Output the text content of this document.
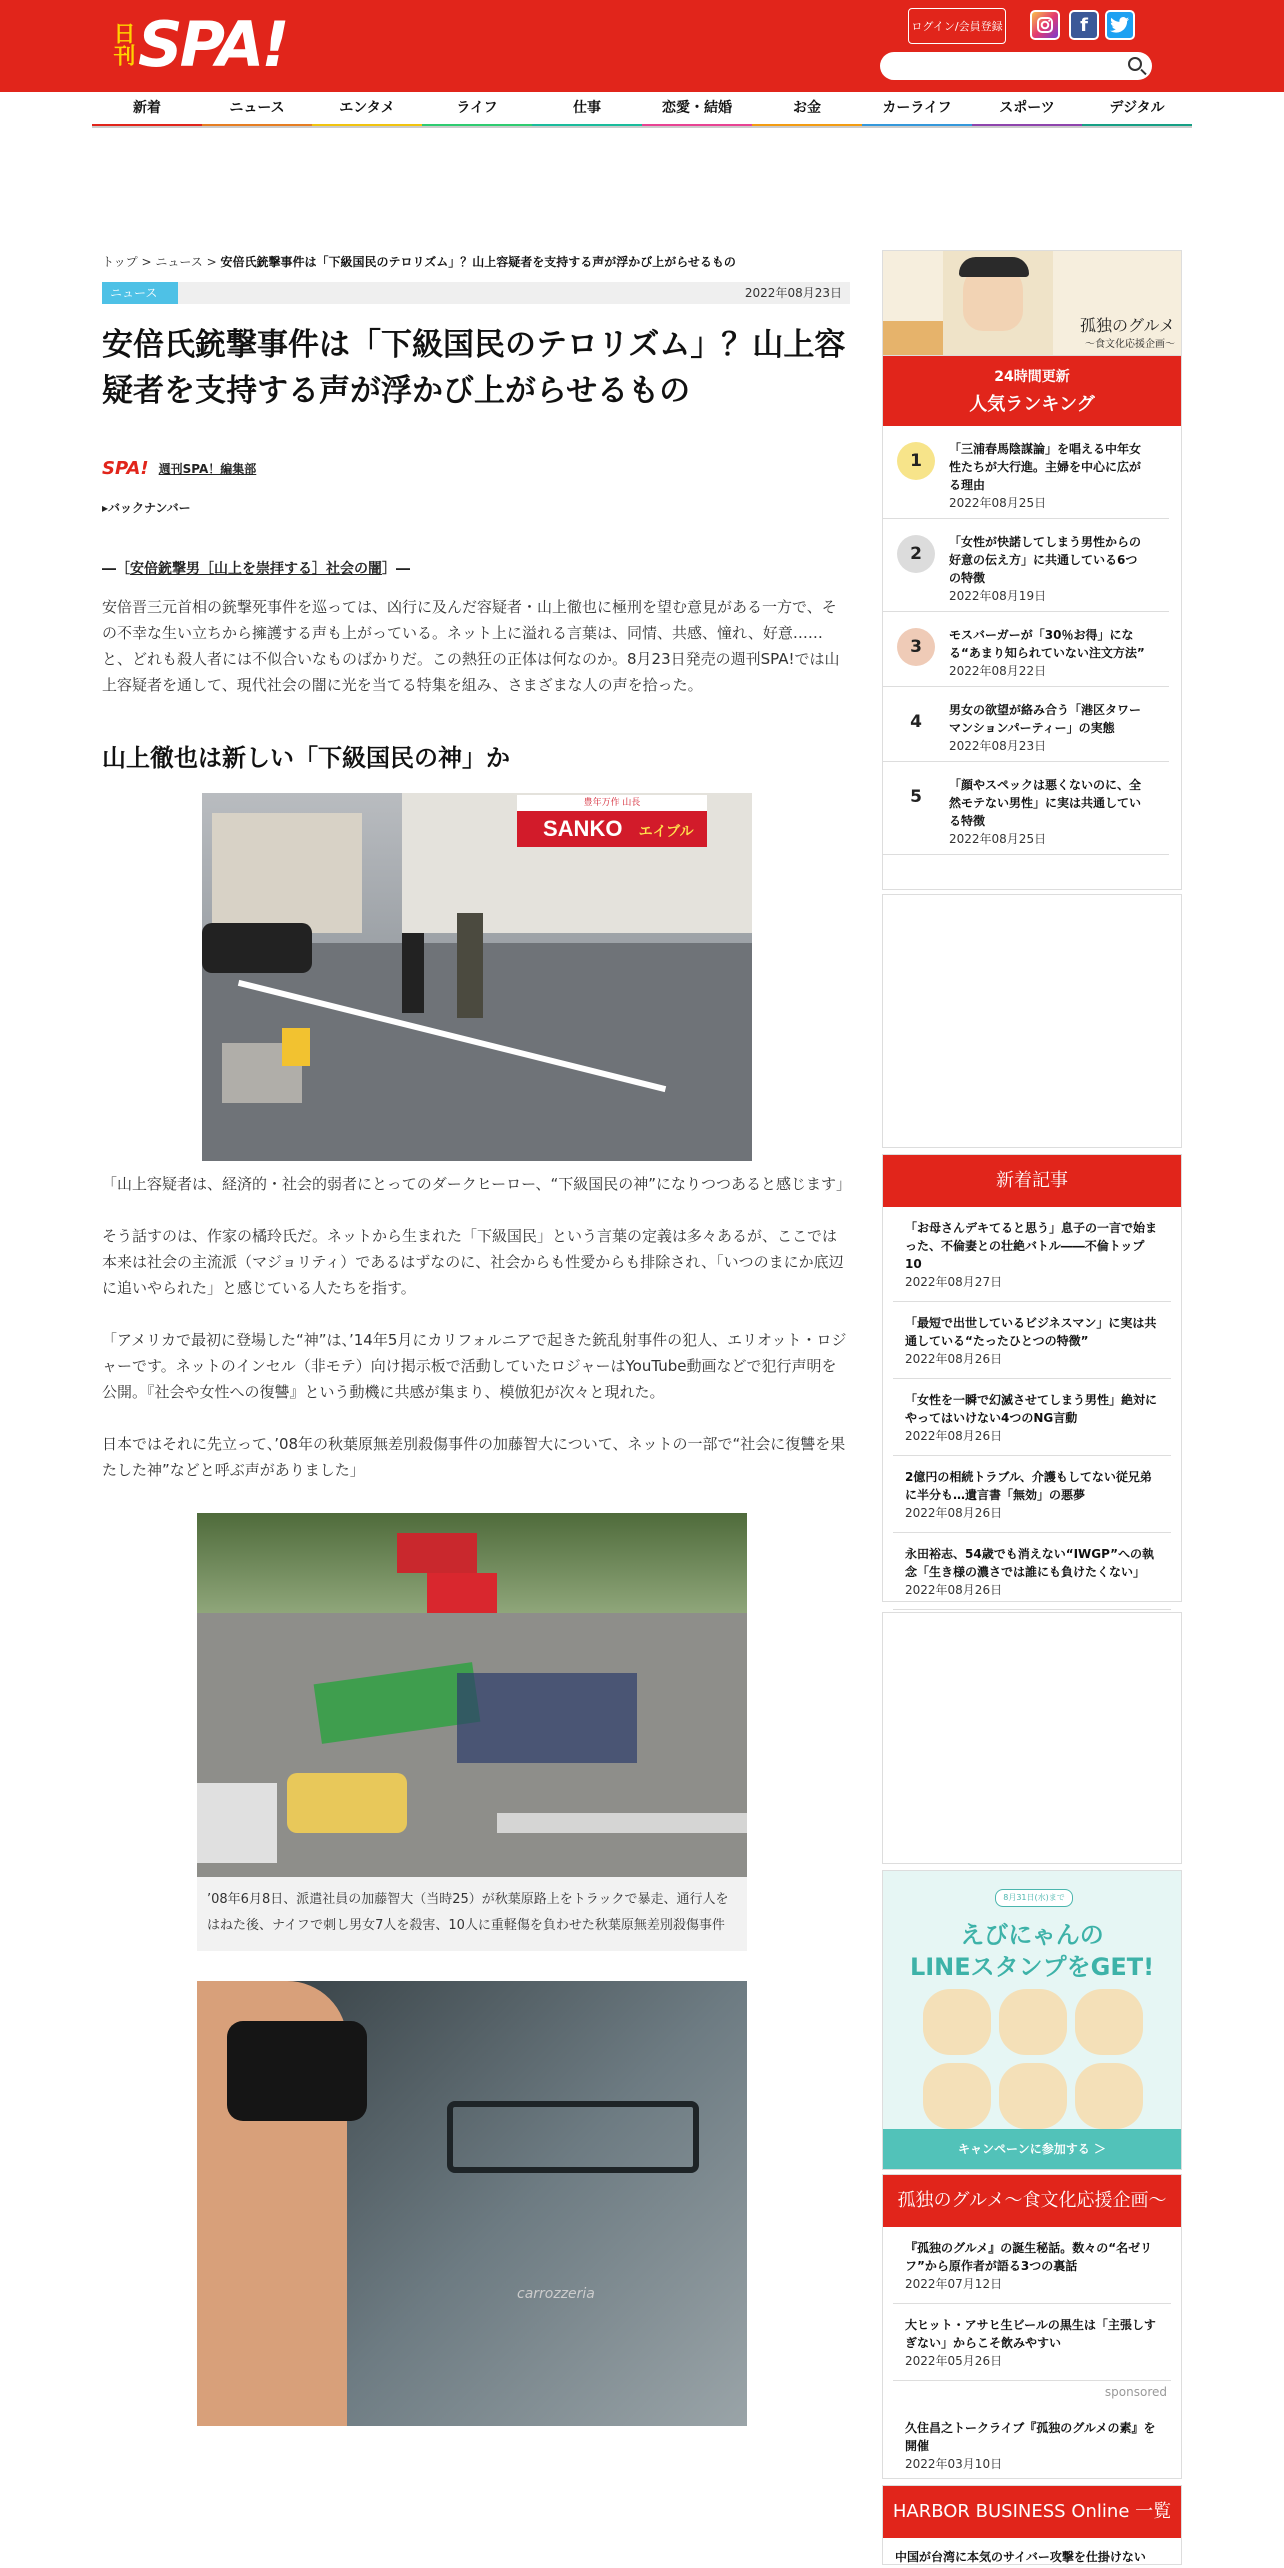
日刊 SPA!	ログイン/会員登録	f
新着	ニュース	エンタメ	ライフ	仕事	恋愛・結婚	お金	カーライフ	スポーツ	デジタル
トップ > ニュース > 安倍氏銃撃事件は「下級国民のテロリズム」？山上容疑者を支持する声が浮かび上がらせるもの
ニュース	2022年08月23日
安倍氏銃撃事件は「下級国民のテロリズム」？山上容疑者を支持する声が浮かび上がらせるもの
SPA! 週刊SPA！編集部
▸バックナンバー
―［安倍銃撃男［山上を崇拝する］社会の闇］―

安倍晋三元首相の銃撃死事件を巡っては、凶行に及んだ容疑者・山上徹也に極刑を望む意見がある一方で、その不幸な生い立ちから擁護する声も上がっている。ネット上に溢れる言葉は、同情、共感、憧れ、好意……と、どれも殺人者には不似合いなものばかりだ。この熱狂の正体は何なのか。8月23日発売の週刊SPA!では山上容疑者を通して、現代社会の闇に光を当てる特集を組み、さまざまな人の声を拾った。

山上徹也は新しい「下級国民の神」か
SANKO エイブル
豊年万作 山長

「山上容疑者は、経済的・社会的弱者にとってのダークヒーロー、“下級国民の神”になりつつあると感じます」

そう話すのは、作家の橘玲氏だ。ネットから生まれた「下級国民」という言葉の定義は多々あるが、ここでは本来は社会の主流派（マジョリティ）であるはずなのに、社会からも性愛からも排除され、「いつのまにか底辺に追いやられた」と感じている人たちを指す。

「アメリカで最初に登場した“神”は、’14年5月にカリフォルニアで起きた銃乱射事件の犯人、エリオット・ロジャーです。ネットのインセル（非モテ）向け掲示板で活動していたロジャーはYouTube動画などで犯行声明を公開。『社会や女性への復讐』という動機に共感が集まり、模倣犯が次々と現れた。

日本ではそれに先立って、’08年の秋葉原無差別殺傷事件の加藤智大について、ネットの一部で“社会に復讐を果たした神”などと呼ぶ声がありました」

’08年6月8日、派遣社員の加藤智大（当時25）が秋葉原路上をトラックで暴走、通行人をはねた後、ナイフで刺し男女7人を殺害、10人に重軽傷を負わせた秋葉原無差別殺傷事件
carrozzeria
孤独のグルメ
～食文化応援企画～
24時間更新
人気ランキング
1
「三浦春馬陰謀論」を唱える中年女性たちが大行進。主婦を中心に広がる理由
2022年08月25日
2
「女性が快諾してしまう男性からの好意の伝え方」に共通している6つの特徴
2022年08月19日
3
モスバーガーが「30％お得」になる“あまり知られていない注文方法”
2022年08月22日
4
男女の欲望が絡み合う「港区タワーマンションパーティー」の実態
2022年08月23日
5
「顔やスペックは悪くないのに、全然モテない男性」に実は共通している特徴
2022年08月25日
新着記事
「お母さんデキてると思う」息子の一言で始まった、不倫妻との壮絶バトル――不倫トップ10
2022年08月27日
「最短で出世しているビジネスマン」に実は共通している“たったひとつの特徴”
2022年08月26日
「女性を一瞬で幻滅させてしまう男性」絶対にやってはいけない4つのNG言動
2022年08月26日
2億円の相続トラブル、介護もしてない従兄弟に半分も…遺言書「無効」の悪夢
2022年08月26日
永田裕志、54歳でも消えない“IWGP”への執念「生き様の濃さでは誰にも負けたくない」
2022年08月26日
8月31日(水)まで
えびにゃんの
LINEスタンプをGET!
キャンペーンに参加する ＞
孤独のグルメ～食文化応援企画～
『孤独のグルメ』の誕生秘話。数々の“名ゼリフ”から原作者が語る3つの裏話
2022年07月12日
大ヒット・アサヒ生ビールの黒生は「主張しすぎない」からこそ飲みやすい
2022年05月26日
sponsored
久住昌之トークライブ『孤独のグルメの素』を開催
2022年03月10日
HARBOR BUSINESS Online 一覧
中国が台湾に本気のサイバー攻撃を仕掛けない
